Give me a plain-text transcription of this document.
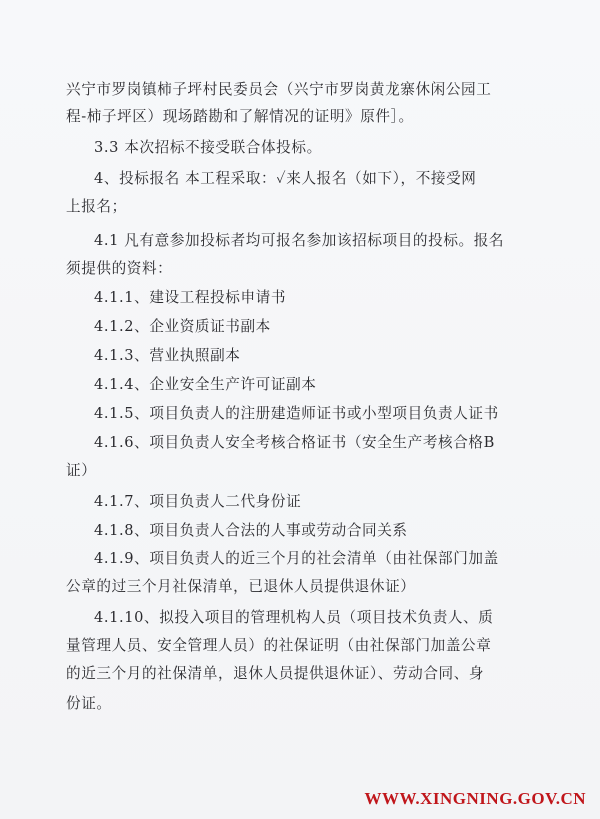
兴宁市罗岗镇柿子坪村民委员会（兴宁市罗岗黄龙寨休闲公园工
程-柿子坪区）现场踏勘和了解情况的证明》原件］。
3.3 本次招标不接受联合体投标。
4、投标报名 本工程采取：✓来人报名（如下），不接受网
上报名；
4.1 凡有意参加投标者均可报名参加该招标项目的投标。报名
须提供的资料：
4.1.1、建设工程投标申请书
4.1.2、企业资质证书副本
4.1.3、营业执照副本
4.1.4、企业安全生产许可证副本
4.1.5、项目负责人的注册建造师证书或小型项目负责人证书
4.1.6、项目负责人安全考核合格证书（安全生产考核合格B
证）
4.1.7、项目负责人二代身份证
4.1.8、项目负责人合法的人事或劳动合同关系
4.1.9、项目负责人的近三个月的社会清单（由社保部门加盖
公章的过三个月社保清单，已退休人员提供退休证）
4.1.10、拟投入项目的管理机构人员（项目技术负责人、质
量管理人员、安全管理人员）的社保证明（由社保部门加盖公章
的近三个月的社保清单，退休人员提供退休证）、劳动合同、身
份证。
WWW.XINGNING.GOV.CN
